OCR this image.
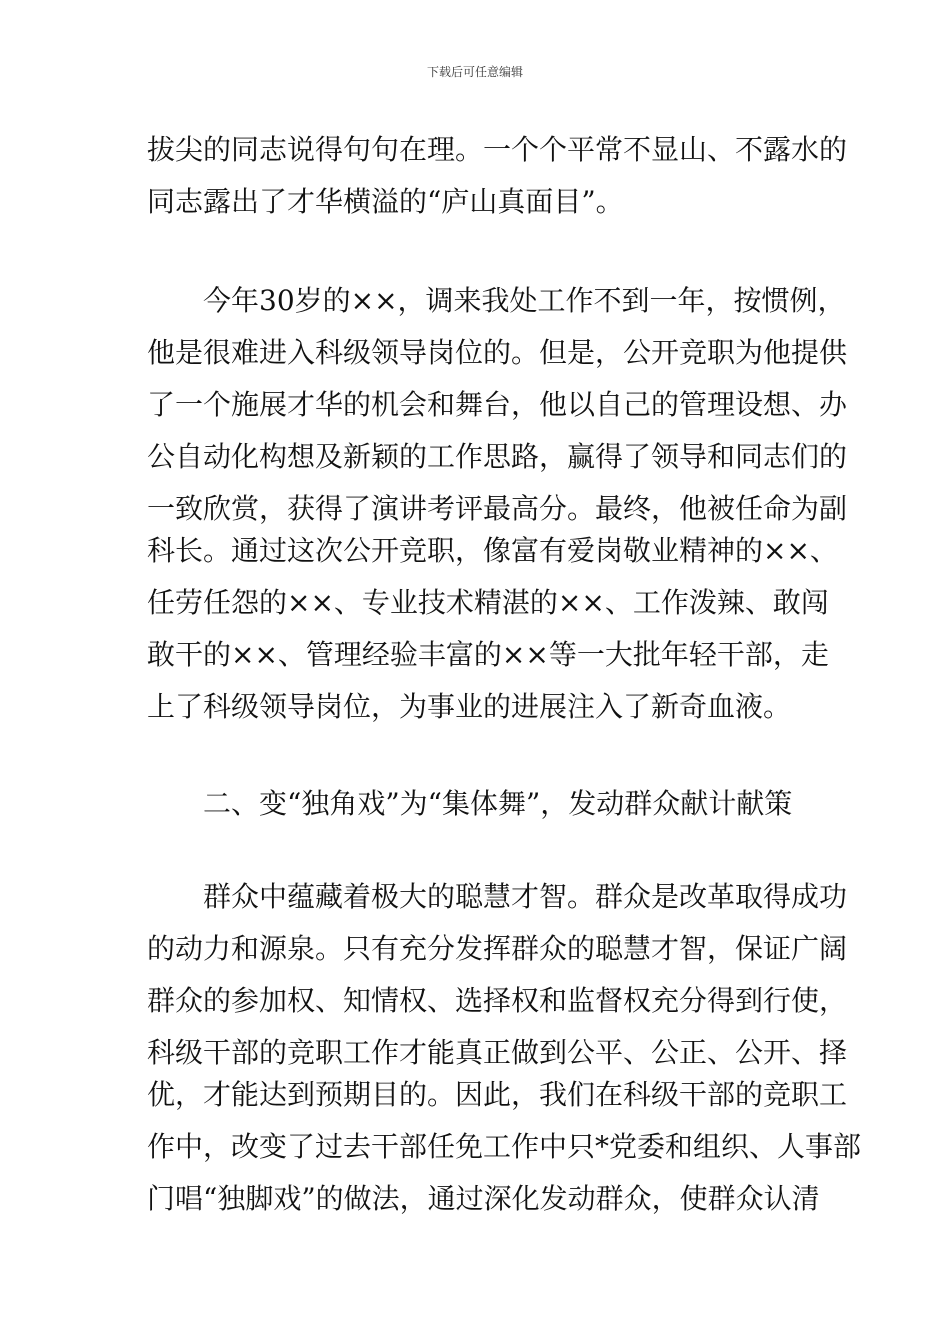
下载后可任意编辑
拔尖的同志说得句句在理。一个个平常不显山、不露水的
同志露出了才华横溢的“庐山真面目”。
今年30岁的××，调来我处工作不到一年，按惯例，
他是很难进入科级领导岗位的。但是，公开竞职为他提供
了一个施展才华的机会和舞台，他以自己的管理设想、办
公自动化构想及新颖的工作思路，赢得了领导和同志们的
一致欣赏，获得了演讲考评最高分。最终，他被任命为副
科长。通过这次公开竞职，像富有爱岗敬业精神的××、
任劳任怨的××、专业技术精湛的××、工作泼辣、敢闯
敢干的××、管理经验丰富的××等一大批年轻干部，走
上了科级领导岗位，为事业的进展注入了新奇血液。
二、变“独角戏”为“集体舞”，发动群众献计献策
群众中蕴藏着极大的聪慧才智。群众是改革取得成功
的动力和源泉。只有充分发挥群众的聪慧才智，保证广阔
群众的参加权、知情权、选择权和监督权充分得到行使，
科级干部的竞职工作才能真正做到公平、公正、公开、择
优，才能达到预期目的。因此，我们在科级干部的竞职工
作中，改变了过去干部任免工作中只*党委和组织、人事部
门唱“独脚戏”的做法，通过深化发动群众，使群众认清
